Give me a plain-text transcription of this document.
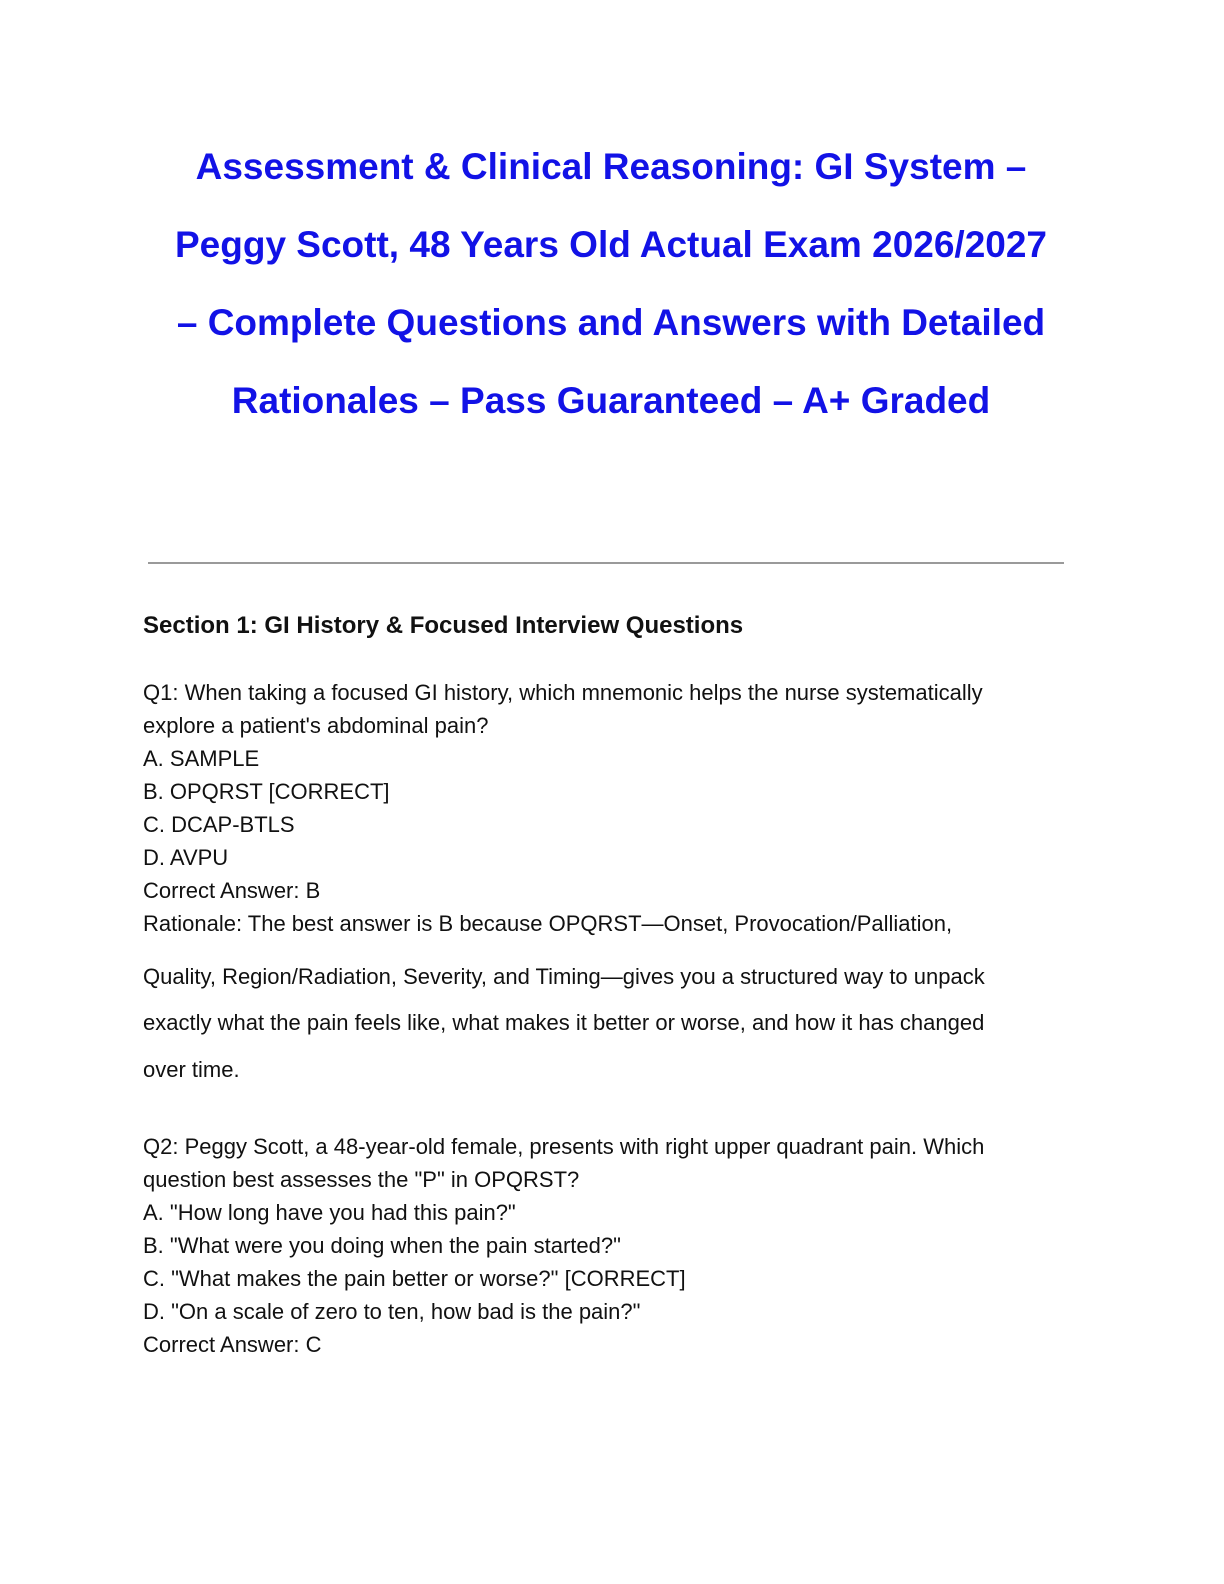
Assessment & Clinical Reasoning: GI System –
Peggy Scott, 48 Years Old Actual Exam 2026/2027
– Complete Questions and Answers with Detailed
Rationales – Pass Guaranteed – A+ Graded
Section 1: GI History & Focused Interview Questions
Q1: When taking a focused GI history, which mnemonic helps the nurse systematically
explore a patient's abdominal pain?
A. SAMPLE
B. OPQRST [CORRECT]
C. DCAP-BTLS
D. AVPU
Correct Answer: B
Rationale: The best answer is B because OPQRST—Onset, Provocation/Palliation,
Quality, Region/Radiation, Severity, and Timing—gives you a structured way to unpack
exactly what the pain feels like, what makes it better or worse, and how it has changed
over time.
Q2: Peggy Scott, a 48-year-old female, presents with right upper quadrant pain. Which
question best assesses the "P" in OPQRST?
A. "How long have you had this pain?"
B. "What were you doing when the pain started?"
C. "What makes the pain better or worse?" [CORRECT]
D. "On a scale of zero to ten, how bad is the pain?"
Correct Answer: C
